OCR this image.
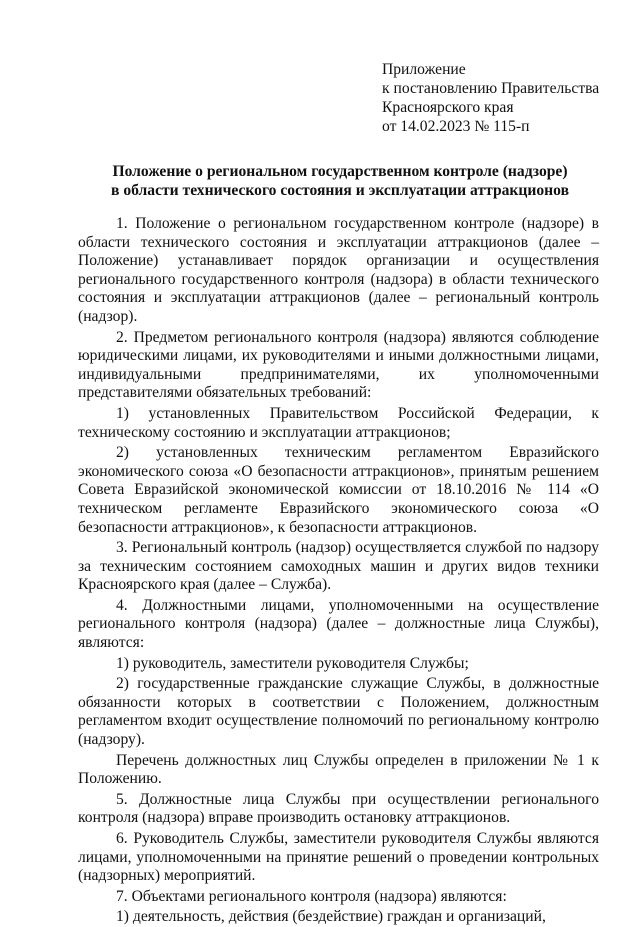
Приложение
к постановлению Правительства
Красноярского края
от 14.02.2023 № 115-п
Положение о региональном государственном контроле (надзоре)
в области технического состояния и эксплуатации аттракционов

1. Положение о региональном государственном контроле (надзоре) в области технического состояния и эксплуатации аттракционов (далее – Положение) устанавливает порядок организации и осуществления регионального государственного контроля (надзора) в области технического состояния и эксплуатации аттракционов (далее – региональный контроль (надзор).

2. Предметом регионального контроля (надзора) являются соблюдение юридическими лицами, их руководителями и иными должностными лицами, индивидуальными предпринимателями, их уполномоченными представителями обязательных требований:

1) установленных Правительством Российской Федерации, к техническому состоянию и эксплуатации аттракционов;

2) установленных техническим регламентом Евразийского экономического союза «О безопасности аттракционов», принятым решением Совета Евразийской экономической комиссии от 18.10.2016 № 114 «О техническом регламенте Евразийского экономического союза «О безопасности аттракционов», к безопасности аттракционов.

3. Региональный контроль (надзор) осуществляется службой по надзору за техническим состоянием самоходных машин и других видов техники Красноярского края (далее – Служба).

4. Должностными лицами, уполномоченными на осуществление регионального контроля (надзора) (далее – должностные лица Службы), являются:

1) руководитель, заместители руководителя Службы;

2) государственные гражданские служащие Службы, в должностные обязанности которых в соответствии с Положением, должностным регламентом входит осуществление полномочий по региональному контролю (надзору).

Перечень должностных лиц Службы определен в приложении № 1 к Положению.

5. Должностные лица Службы при осуществлении регионального контроля (надзора) вправе производить остановку аттракционов.

6. Руководитель Службы, заместители руководителя Службы являются лицами, уполномоченными на принятие решений о проведении контрольных (надзорных) мероприятий.

7. Объектами регионального контроля (надзора) являются:

1) деятельность, действия (бездействие) граждан и организаций,
